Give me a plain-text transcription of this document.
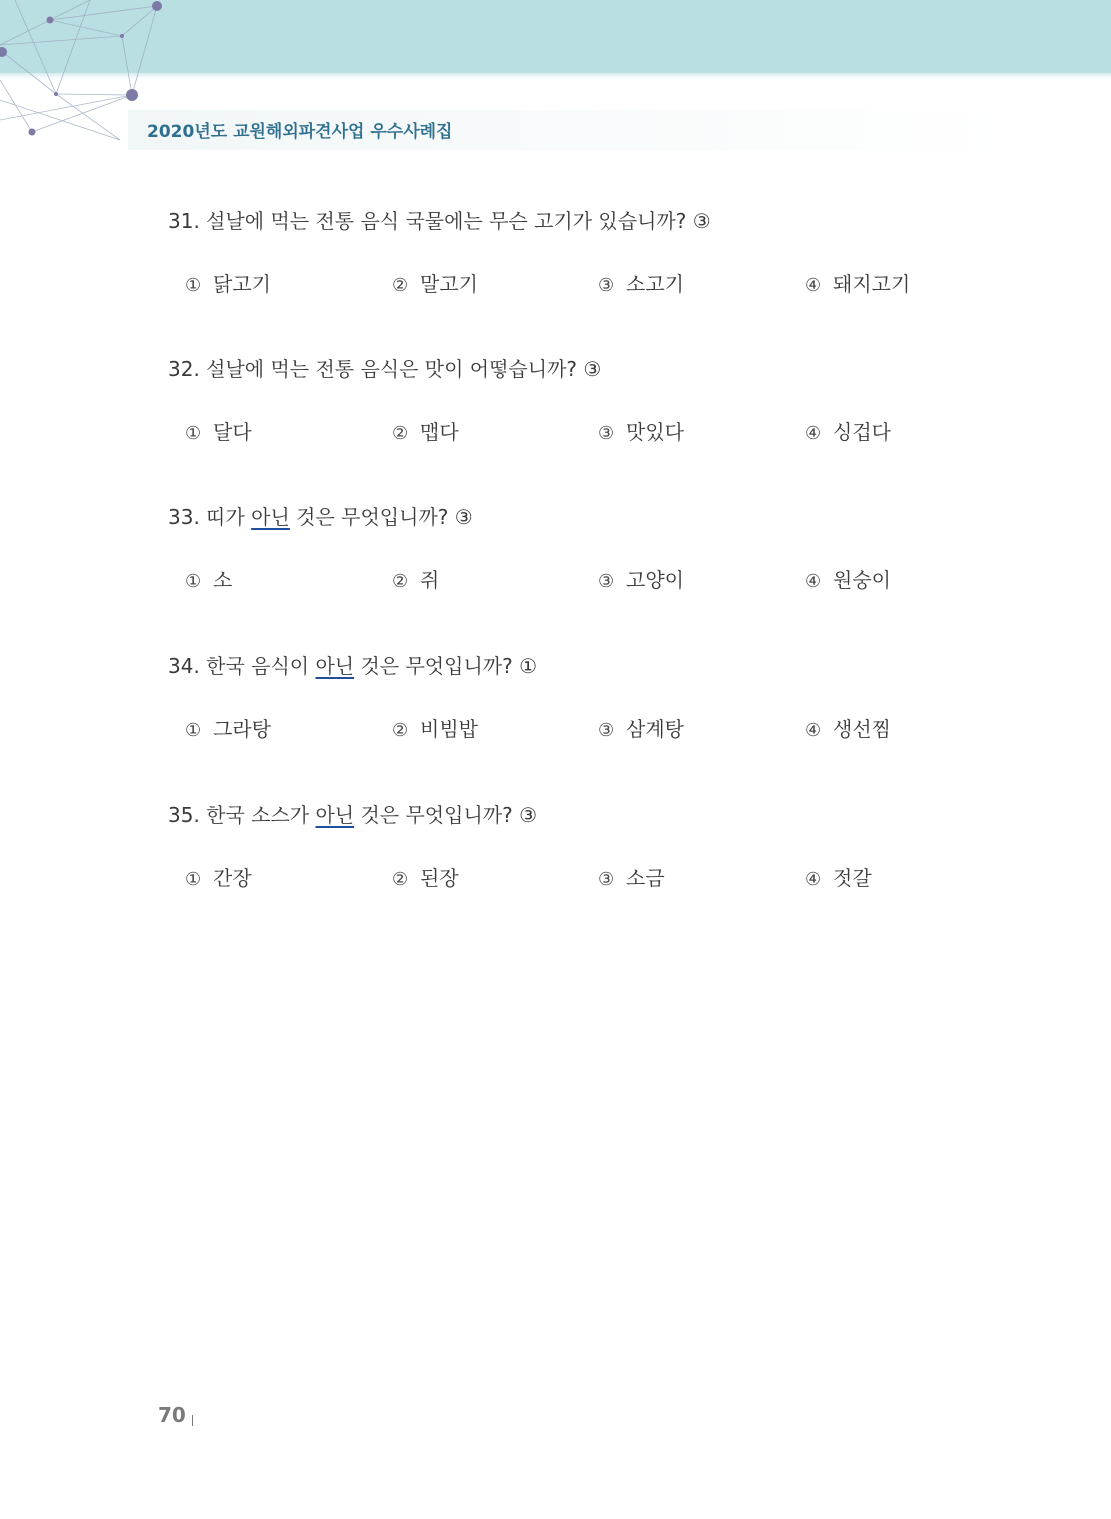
2020년도 교원해외파견사업 우수사례집
31. 설날에 먹는 전통 음식 국물에는 무슨 고기가 있습니까? ③
① 닭고기	② 말고기	③ 소고기	④ 돼지고기
32. 설날에 먹는 전통 음식은 맛이 어떻습니까? ③
① 달다	② 맵다	③ 맛있다	④ 싱겁다
33. 띠가 아닌 것은 무엇입니까? ③
① 소	② 쥐	③ 고양이	④ 원숭이
34. 한국 음식이 아닌 것은 무엇입니까? ①
① 그라탕	② 비빔밥	③ 삼계탕	④ 생선찜
35. 한국 소스가 아닌 것은 무엇입니까? ③
① 간장	② 된장	③ 소금	④ 젓갈
70
